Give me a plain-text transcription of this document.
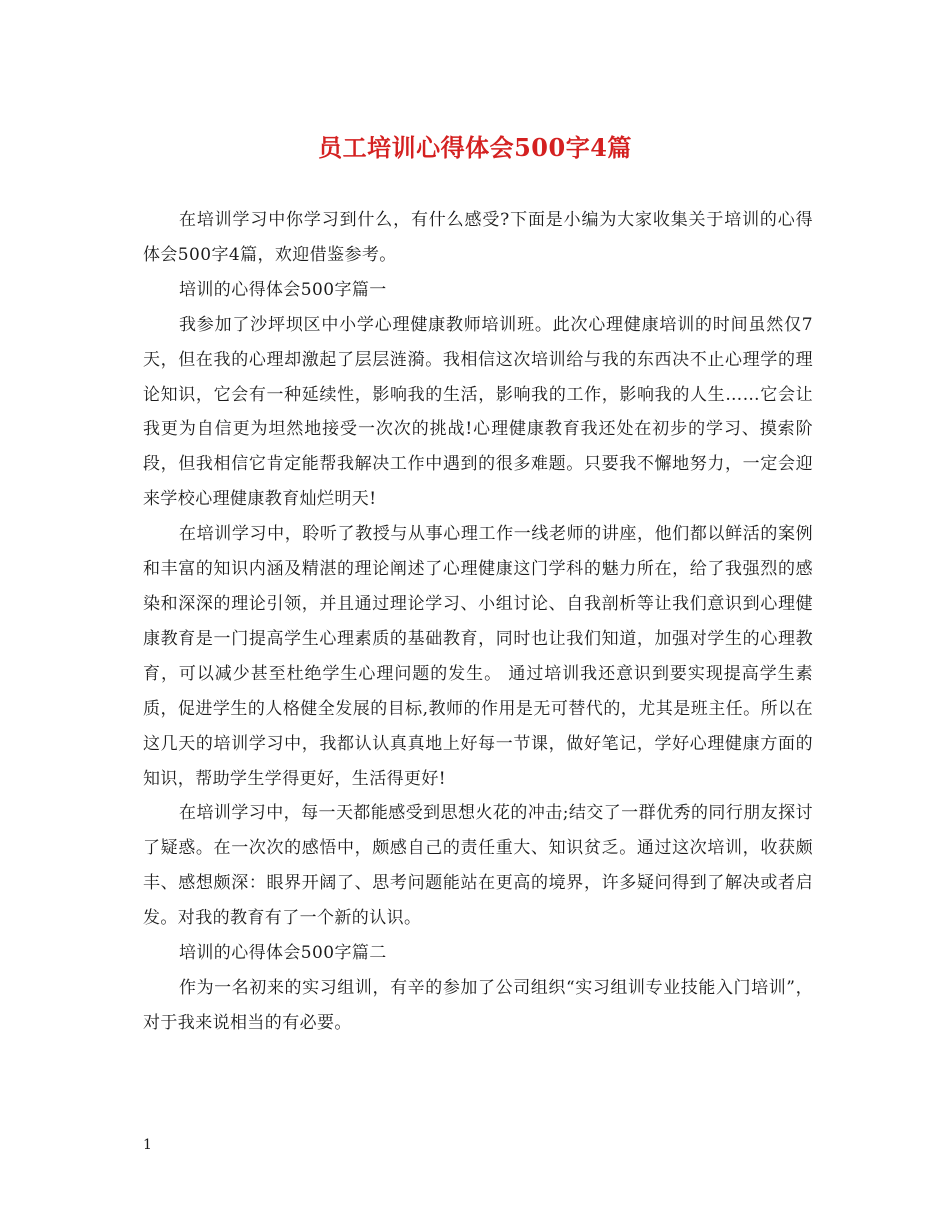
员工培训心得体会500字4篇

在培训学习中你学习到什么，有什么感受?下面是小编为大家收集关于培训的心得体会500字4篇，欢迎借鉴参考。

培训的心得体会500字篇一

我参加了沙坪坝区中小学心理健康教师培训班。此次心理健康培训的时间虽然仅7天，但在我的心理却激起了层层涟漪。我相信这次培训给与我的东西决不止心理学的理论知识，它会有一种延续性，影响我的生活，影响我的工作，影响我的人生……它会让我更为自信更为坦然地接受一次次的挑战!心理健康教育我还处在初步的学习、摸索阶段，但我相信它肯定能帮我解决工作中遇到的很多难题。只要我不懈地努力，一定会迎来学校心理健康教育灿烂明天!

在培训学习中，聆听了教授与从事心理工作一线老师的讲座，他们都以鲜活的案例和丰富的知识内涵及精湛的理论阐述了心理健康这门学科的魅力所在，给了我强烈的感染和深深的理论引领，并且通过理论学习、小组讨论、自我剖析等让我们意识到心理健康教育是一门提高学生心理素质的基础教育，同时也让我们知道，加强对学生的心理教育，可以减少甚至杜绝学生心理问题的发生。 通过培训我还意识到要实现提高学生素质，促进学生的人格健全发展的目标,教师的作用是无可替代的，尤其是班主任。所以在这几天的培训学习中，我都认认真真地上好每一节课，做好笔记，学好心理健康方面的知识，帮助学生学得更好，生活得更好!

在培训学习中，每一天都能感受到思想火花的冲击;结交了一群优秀的同行朋友探讨了疑惑。在一次次的感悟中，颇感自己的责任重大、知识贫乏。通过这次培训，收获颇丰、感想颇深：眼界开阔了、思考问题能站在更高的境界，许多疑问得到了解决或者启发。对我的教育有了一个新的认识。

培训的心得体会500字篇二

作为一名初来的实习组训，有辛的参加了公司组织“实习组训专业技能入门培训”，对于我来说相当的有必要。

1
